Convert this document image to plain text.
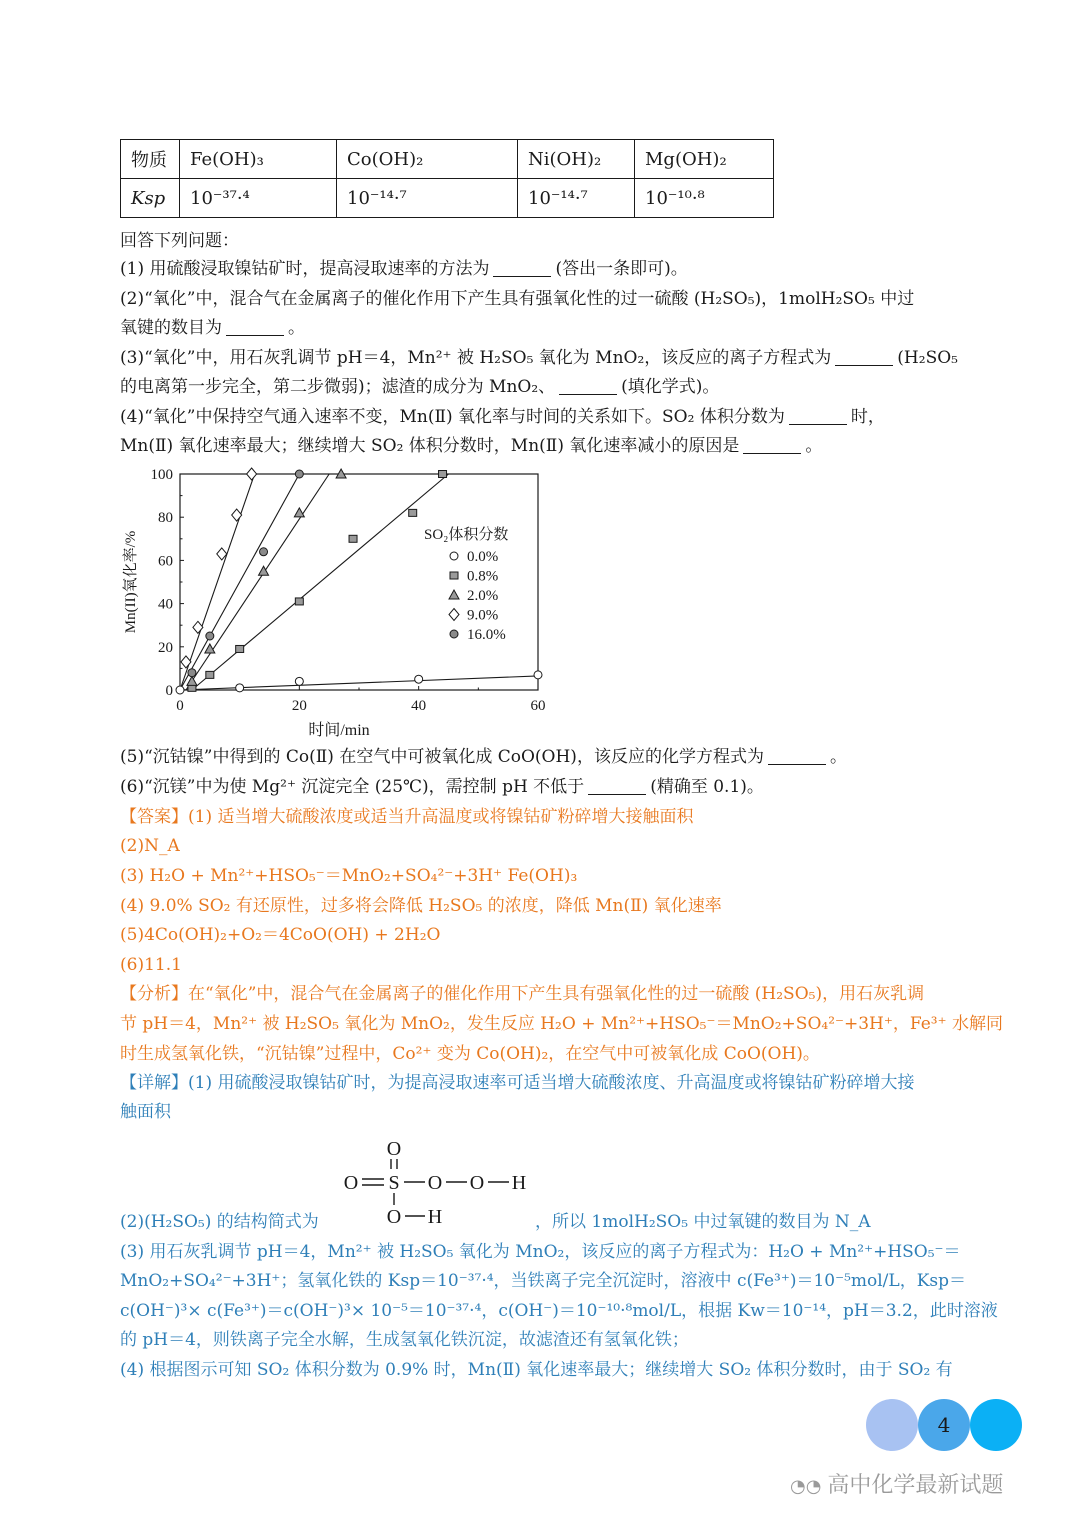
物质	Fe(OH)₃	Co(OH)₂	Ni(OH)₂	Mg(OH)₂
Ksp	10⁻³⁷·⁴	10⁻¹⁴·⁷	10⁻¹⁴·⁷	10⁻¹⁰·⁸
回答下列问题：
(1) 用硫酸浸取镍钴矿时，提高浸取速率的方法为	(答出一条即可)。
(2)“氧化”中，混合气在金属离子的催化作用下产生具有强氧化性的过一硫酸 (H₂SO₅)，1molH₂SO₅ 中过
氧键的数目为	。
(3)“氧化”中，用石灰乳调节 pH＝4，Mn²⁺ 被 H₂SO₅ 氧化为 MnO₂，该反应的离子方程式为	(H₂SO₅
的电离第一步完全，第二步微弱)；滤渣的成分为 MnO₂、	(填化学式)。
(4)“氧化”中保持空气通入速率不变，Mn(Ⅱ) 氧化率与时间的关系如下。SO₂ 体积分数为	时，
Mn(Ⅱ) 氧化速率最大；继续增大 SO₂ 体积分数时，Mn(Ⅱ) 氧化速率减小的原因是	。
0	20	40	60
0
20
40
60
80
100
时间/min
Mn(II)氧化率/%	SO₂体积分数
0.0%
0.8%
2.0%
9.0%
16.0%
(5)“沉钴镍”中得到的 Co(Ⅱ) 在空气中可被氧化成 CoO(OH)，该反应的化学方程式为	。
(6)“沉镁”中为使 Mg²⁺ 沉淀完全 (25℃)，需控制 pH 不低于	(精确至 0.1)。
【答案】(1) 适当增大硫酸浓度或适当升高温度或将镍钴矿粉碎增大接触面积
(2)N_A
(3) H₂O + Mn²⁺+HSO₅⁻＝MnO₂+SO₄²⁻+3H⁺ Fe(OH)₃
(4) 9.0% SO₂ 有还原性，过多将会降低 H₂SO₅ 的浓度，降低 Mn(Ⅱ) 氧化速率
(5)4Co(OH)₂+O₂＝4CoO(OH) + 2H₂O
(6)11.1
【分析】在“氧化”中，混合气在金属离子的催化作用下产生具有强氧化性的过一硫酸 (H₂SO₅)，用石灰乳调
节 pH＝4，Mn²⁺ 被 H₂SO₅ 氧化为 MnO₂，发生反应 H₂O + Mn²⁺+HSO₅⁻＝MnO₂+SO₄²⁻+3H⁺，Fe³⁺ 水解同
时生成氢氧化铁，“沉钴镍”过程中，Co²⁺ 变为 Co(OH)₂，在空气中可被氧化成 CoO(OH)。
【详解】(1) 用硫酸浸取镍钴矿时，为提高浸取速率可适当增大硫酸浓度、升高温度或将镍钴矿粉碎增大接
触面积
O
O S O O H
O H
(2)(H₂SO₅) 的结构简式为	，所以 1molH₂SO₅ 中过氧键的数目为 N_A
(3) 用石灰乳调节 pH＝4，Mn²⁺ 被 H₂SO₅ 氧化为 MnO₂，该反应的离子方程式为：H₂O + Mn²⁺+HSO₅⁻＝
MnO₂+SO₄²⁻+3H⁺；氢氧化铁的 Ksp＝10⁻³⁷·⁴，当铁离子完全沉淀时，溶液中 c(Fe³⁺)＝10⁻⁵mol/L，Ksp＝
c(OH⁻)³× c(Fe³⁺)＝c(OH⁻)³× 10⁻⁵＝10⁻³⁷·⁴，c(OH⁻)＝10⁻¹⁰·⁸mol/L，根据 Kw＝10⁻¹⁴，pH＝3.2，此时溶液
的 pH＝4，则铁离子完全水解，生成氢氧化铁沉淀，故滤渣还有氢氧化铁；
(4) 根据图示可知 SO₂ 体积分数为 0.9% 时，Mn(Ⅱ) 氧化速率最大；继续增大 SO₂ 体积分数时，由于 SO₂ 有
4
◔◔ 高中化学最新试题
